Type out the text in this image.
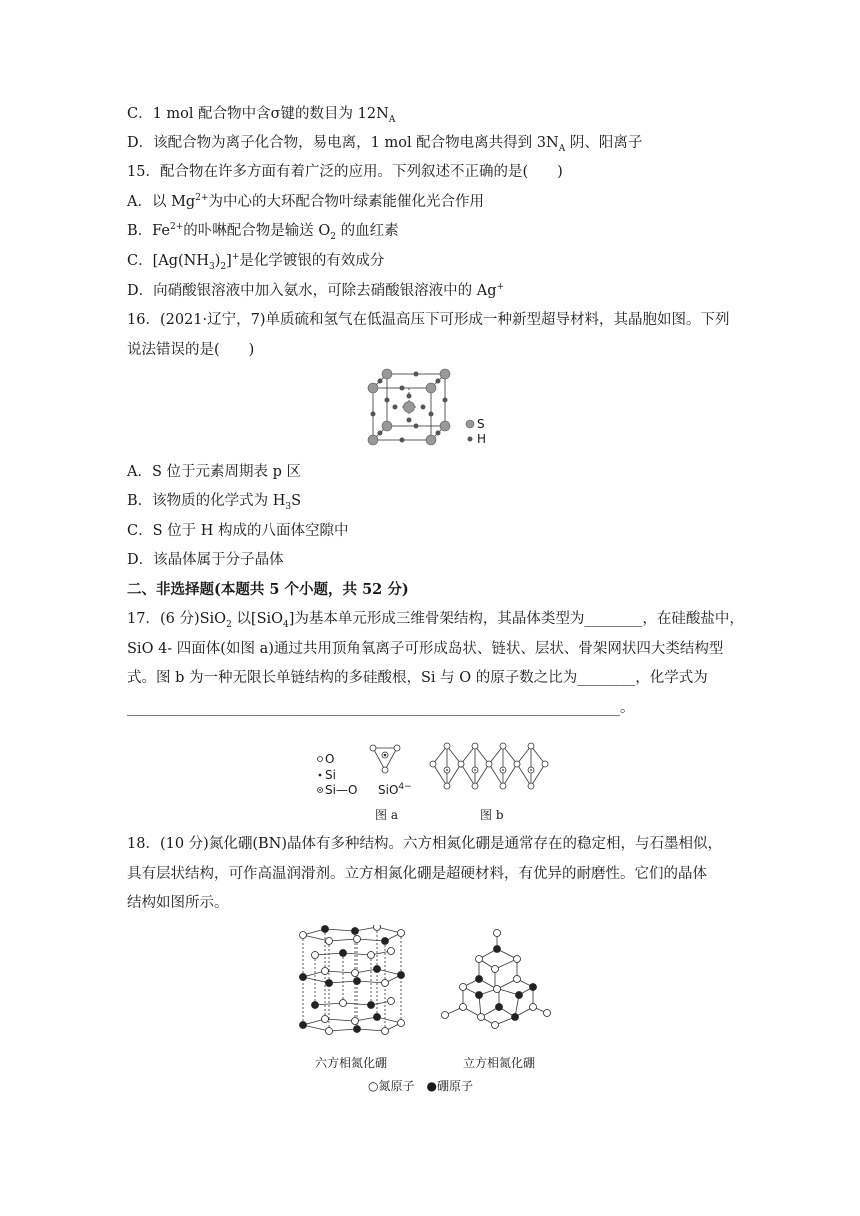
C．1 mol 配合物中含σ键的数目为 $12N_A$
D．该配合物为离子化合物，易电离，1 mol 配合物电离共得到 $3N_A$ 阴、阳离子
15．配合物在许多方面有着广泛的应用。下列叙述不正确的是(　　)
A．以 $Mg^{2+}$为中心的大环配合物叶绿素能催化光合作用
B．$Fe^{2+}$的卟啉配合物是输送 $O_2$ 的血红素
C．$[Ag(NH_3)_2]^+$是化学镀银的有效成分
D．向硝酸银溶液中加入氨水，可除去硝酸银溶液中的 Ag+
16．(2021·辽宁，7)单质硫和氢气在低温高压下可形成一种新型超导材料，其晶胞如图。下列
说法错误的是(　　)
S
H
A．S 位于元素周期表 p 区
B．该物质的化学式为 $H_3S$
C．S 位于 H 构成的八面体空隙中
D．该晶体属于分子晶体
二、非选择题(本题共 5 个小题，共 52 分)
17．(6 分)SiO$_2$ 以[SiO$_4$]为基本单元形成三维骨架结构，其晶体类型为________，在硅酸盐中，
SiO 4- 四面体(如图 a)通过共用顶角氧离子可形成岛状、链状、层状、骨架网状四大类结构型
式。图 b 为一种无限长单链结构的多硅酸根，Si 与 O 的原子数之比为________，化学式为
____________________________________________________________________。
O
Si
Si—O SiO$^{4-}$
图 a	图 b
18．(10 分)氮化硼(BN)晶体有多种结构。六方相氮化硼是通常存在的稳定相，与石墨相似，
具有层状结构，可作高温润滑剂。立方相氮化硼是超硬材料，有优异的耐磨性。它们的晶体
结构如图所示。
六方相氮化硼	立方相氮化硼
○氮原子　●硼原子
